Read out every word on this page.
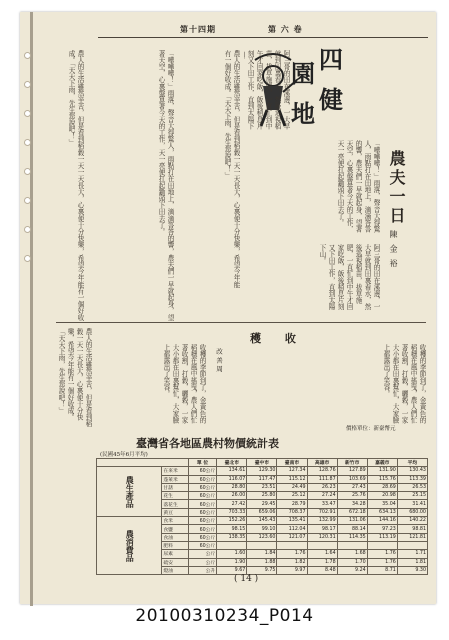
第 六 卷
第十四期
四
健
園
地
農夫一日
陳 金 裕
「嘩嘩嘩！」雨落，聲音大得驚人，雨點打在田地上，滴滴答答的響，農夫們一早就起身，望著天空，心裏盤算著今天的工作，天一亮便扛起鋤頭下田去了。
阿三哥的田在溪邊，一大早就到田裏看水，然後巡視稻苗，拔草施肥，一直忙到中午才回家吃飯，飯後稍息片刻又下田工作，直到太陽下山。
阿三哥的田在溪邊，一大早就到田裏看水，然後巡視稻苗，拔草施肥，一直忙到中午才回家吃飯，飯後稍息片刻又下田工作，直到太陽下
農人的生活雖然辛苦，但是看到稻穀一天一天長大，心裏便十分快樂，希望今年能有一個好收成。「天天下雨，先生您說吧！」
「嘩嘩嘩！」雨落，聲音大得驚人，雨點打在田地上，滴滴答答的響，農夫們一早就起身，望著天空，心裏盤算著今天的工作，天一亮便扛起鋤頭下田去了。
農人的生活雖然辛苦，但是看到稻穀一天一天長大，心裏便十分快樂，希望今年能有一個好收成。「天天下雨，先生您說吧！」
穫 收
改 善 周	收穫的季節到了，金黃色的稻穗在風中搖曳，農人們忙著收割，打穀，曬穀，一家大小都在田裏幫忙，大家臉上都露出了笑容。
收穫的季節到了，金黃色的稻穗在風中搖曳，農人們忙著收割，打穀，曬穀，一家大小都在田裏幫忙，大家臉上都露出了笑容。
農人的生活雖然辛苦，但是看到稻穀一天一天長大，心裏便十分快樂，希望今年能有一個好收成。「天天下雨，先生您說吧！」
臺灣省各地區農村物價統計表
價格單位：新臺幣元
(民國45年6月平均)
		單 位	臺北市	臺中市	臺南市	高雄市	新竹市	嘉義市	平均
農生產品	在來米	60公斤	134.61	129.30	127.34	128.76	127.89	131.90	130.43
	蓬萊米	60公斤	116.07	117.47	115.12	111.87	103.69	115.76	113.39
	甘藷	60公斤	28.80	23.51	24.49	26.23	27.43	28.69	26.53
	花生	60公斤	26.00	25.80	25.12	27.24	25.76	20.98	25.15
	落花生	60公斤	27.42	29.45	28.79	33.47	34.28	35.04	31.41
	黃豆	60公斤	703.33	659.06	708.37	702.91	672.18	634.13	680.00
農消費品	食米	60公斤	152.26	145.43	135.41	132.99	131.06	144.16	140.22
	食鹽	60公斤	98.15	99.10	112.04	98.17	88.14	97.23	98.81
	食油	60公斤	138.35	123.60	121.07	120.31	114.35	113.19	121.81
	肥料	60公斤							
	尿素	公斤	1.60	1.84	1.76	1.64	1.68	1.76	1.71
	硫安	公斤	1.90	1.88	1.82	1.78	1.70	1.76	1.81
	燈油	公升	9.67	9.75	9.97	8.48	9.24	8.71	9.30
( 14 )
20100310234_P014
